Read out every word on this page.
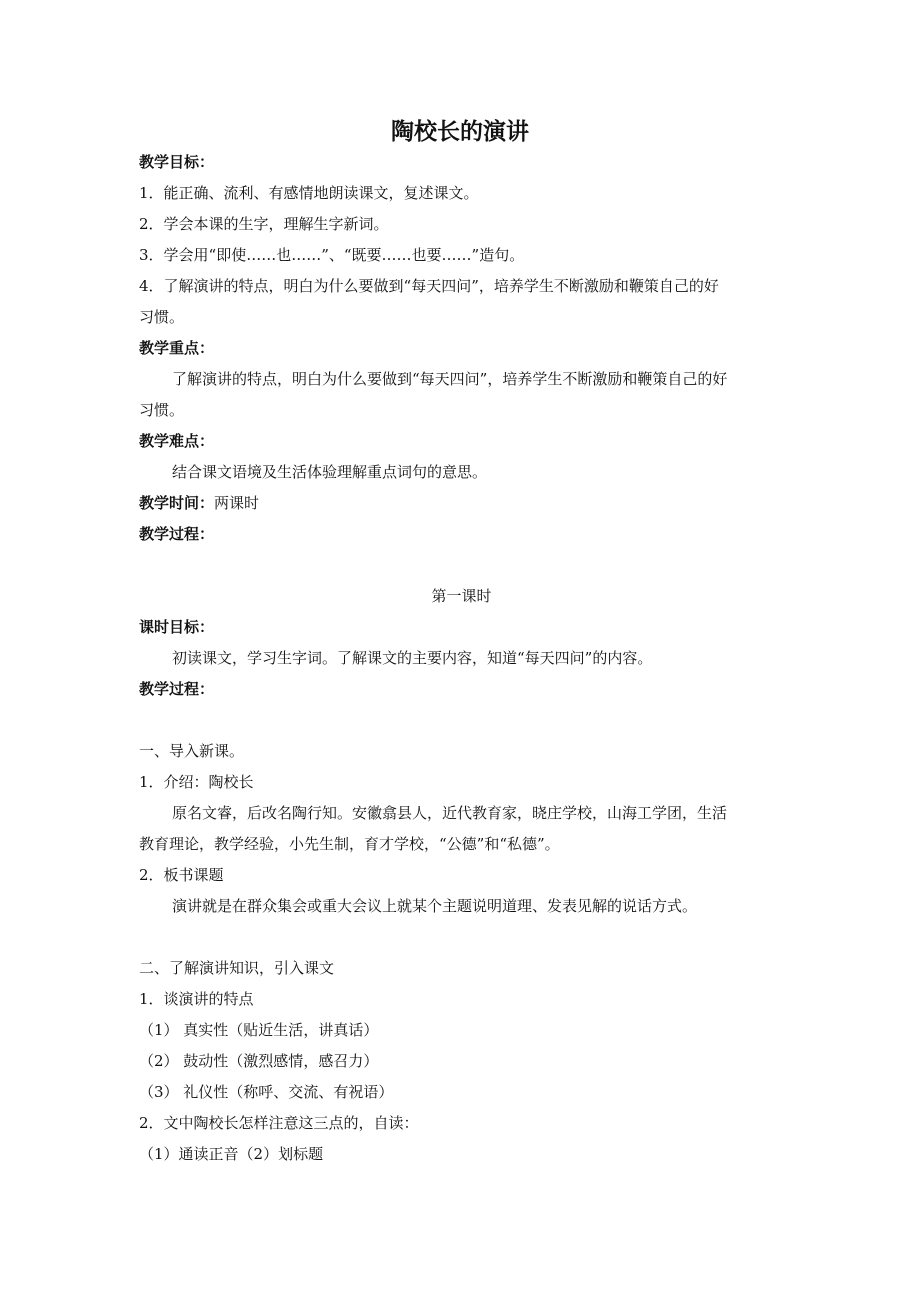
陶校长的演讲
教学目标：
1．能正确、流利、有感情地朗读课文，复述课文。
2．学会本课的生字，理解生字新词。
3．学会用“即使……也……”、“既要……也要……”造句。
4．了解演讲的特点，明白为什么要做到“每天四问”，培养学生不断激励和鞭策自己的好
习惯。
教学重点：
了解演讲的特点，明白为什么要做到“每天四问”，培养学生不断激励和鞭策自己的好
习惯。
教学难点：
结合课文语境及生活体验理解重点词句的意思。
教学时间：两课时
教学过程：
第一课时
课时目标：
初读课文，学习生字词。了解课文的主要内容，知道“每天四问”的内容。
教学过程：
一、导入新课。
1．介绍：陶校长
原名文睿，后改名陶行知。安徽翕县人，近代教育家，晓庄学校，山海工学团，生活
教育理论，教学经验，小先生制，育才学校，“公德”和“私德”。
2．板书课题
演讲就是在群众集会或重大会议上就某个主题说明道理、发表见解的说话方式。
二、了解演讲知识，引入课文
1．谈演讲的特点
（1） 真实性（贴近生活，讲真话）
（2） 鼓动性（激烈感情，感召力）
（3） 礼仪性（称呼、交流、有祝语）
2．文中陶校长怎样注意这三点的，自读：
（1）通读正音（2）划标题
